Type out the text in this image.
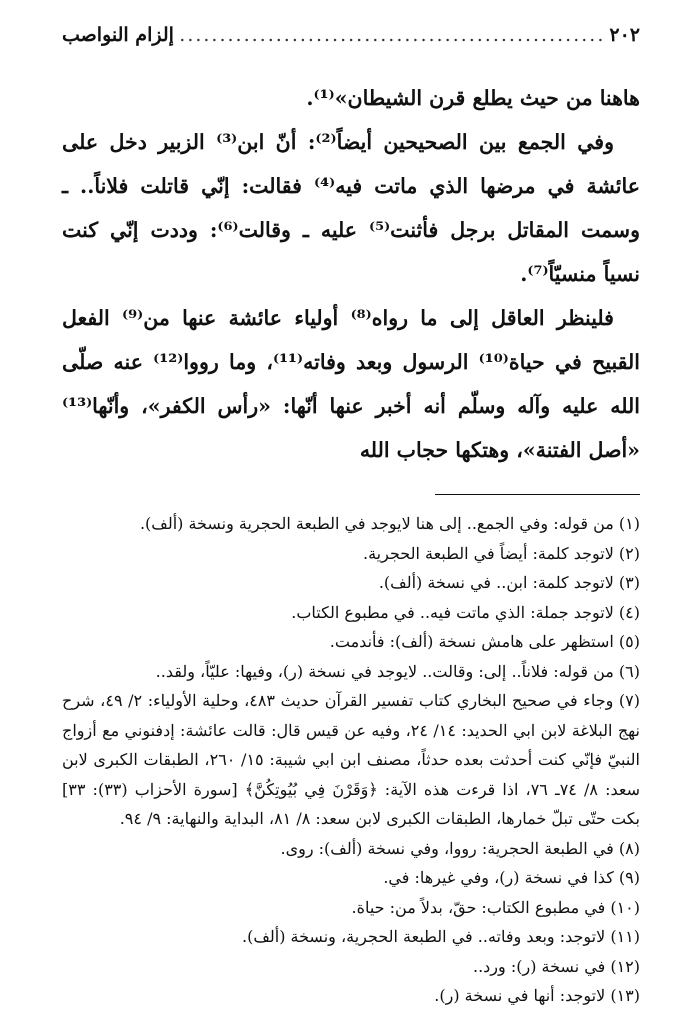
٢٠٢
.....
إلزام النواصب

هاهنا من حيث يطلع قرن الشيطان»⁽¹⁾.

وفي الجمع بين الصحيحين أيضاً⁽²⁾: أنّ ابن⁽³⁾ الزبير دخل على عائشة في مرضها الذي ماتت فيه⁽⁴⁾ فقالت: إنّي قاتلت فلاناً.. ـ وسمت المقاتل برجل فأثنت⁽⁵⁾ عليه ـ وقالت⁽⁶⁾: وددت إنّي كنت نسياً منسيّاً⁽⁷⁾.

فلينظر العاقل إلى ما رواه⁽⁸⁾ أولياء عائشة عنها من⁽⁹⁾ الفعل القبيح في حياة⁽¹⁰⁾ الرسول وبعد وفاته⁽¹¹⁾، وما رووا⁽¹²⁾ عنه صلّى الله عليه وآله وسلّم أنه أخبر عنها أنّها: «رأس الكفر»، وأنّها⁽¹³⁾ «أصل الفتنة»، وهتكها حجاب الله

(١) من قوله: وفي الجمع.. إلى هنا لايوجد في الطبعة الحجرية ونسخة (ألف).

(٢) لاتوجد كلمة: أيضاً في الطبعة الحجرية.

(٣) لاتوجد كلمة: ابن.. في نسخة (ألف).

(٤) لاتوجد جملة: الذي ماتت فيه.. في مطبوع الكتاب.

(٥) استظهر على هامش نسخة (ألف): فأندمت.

(٦) من قوله: فلاناً.. إلى: وقالت.. لايوجد في نسخة (ر)، وفيها: عليّاً، ولقد..

(٧) وجاء في صحيح البخاري كتاب تفسير القرآن حديث ٤٨٣، وحلية الأولياء: ٢/ ٤٩، شرح نهج البلاغة لابن ابي الحديد: ١٤/ ٢٤، وفيه عن قيس قال: قالت عائشة: إدفنوني مع أزواج النبيّ فإنّي كنت أحدثت بعده حدثاً، مصنف ابن ابي شيبة: ١٥/ ٢٦٠، الطبقات الكبرى لابن سعد: ٨/ ٧٤ـ ٧٦، اذا قرءت هذه الآية: ﴿وَقَرْنَ فِي بُيُوتِكُنَّ﴾ [سورة الأحزاب (٣٣): ٣٣] بكت حتّى تبلّ خمارها، الطبقات الكبرى لابن سعد: ٨/ ٨١، البداية والنهاية: ٩/ ٩٤.

(٨) في الطبعة الحجرية: رووا، وفي نسخة (ألف): روى.

(٩) كذا في نسخة (ر)، وفي غيرها: في.

(١٠) في مطبوع الكتاب: حقّ، بدلاً من: حياة.

(١١) لاتوجد: وبعد وفاته.. في الطبعة الحجرية، ونسخة (ألف).

(١٢) في نسخة (ر): ورد..

(١٣) لاتوجد: أنها في نسخة (ر).
